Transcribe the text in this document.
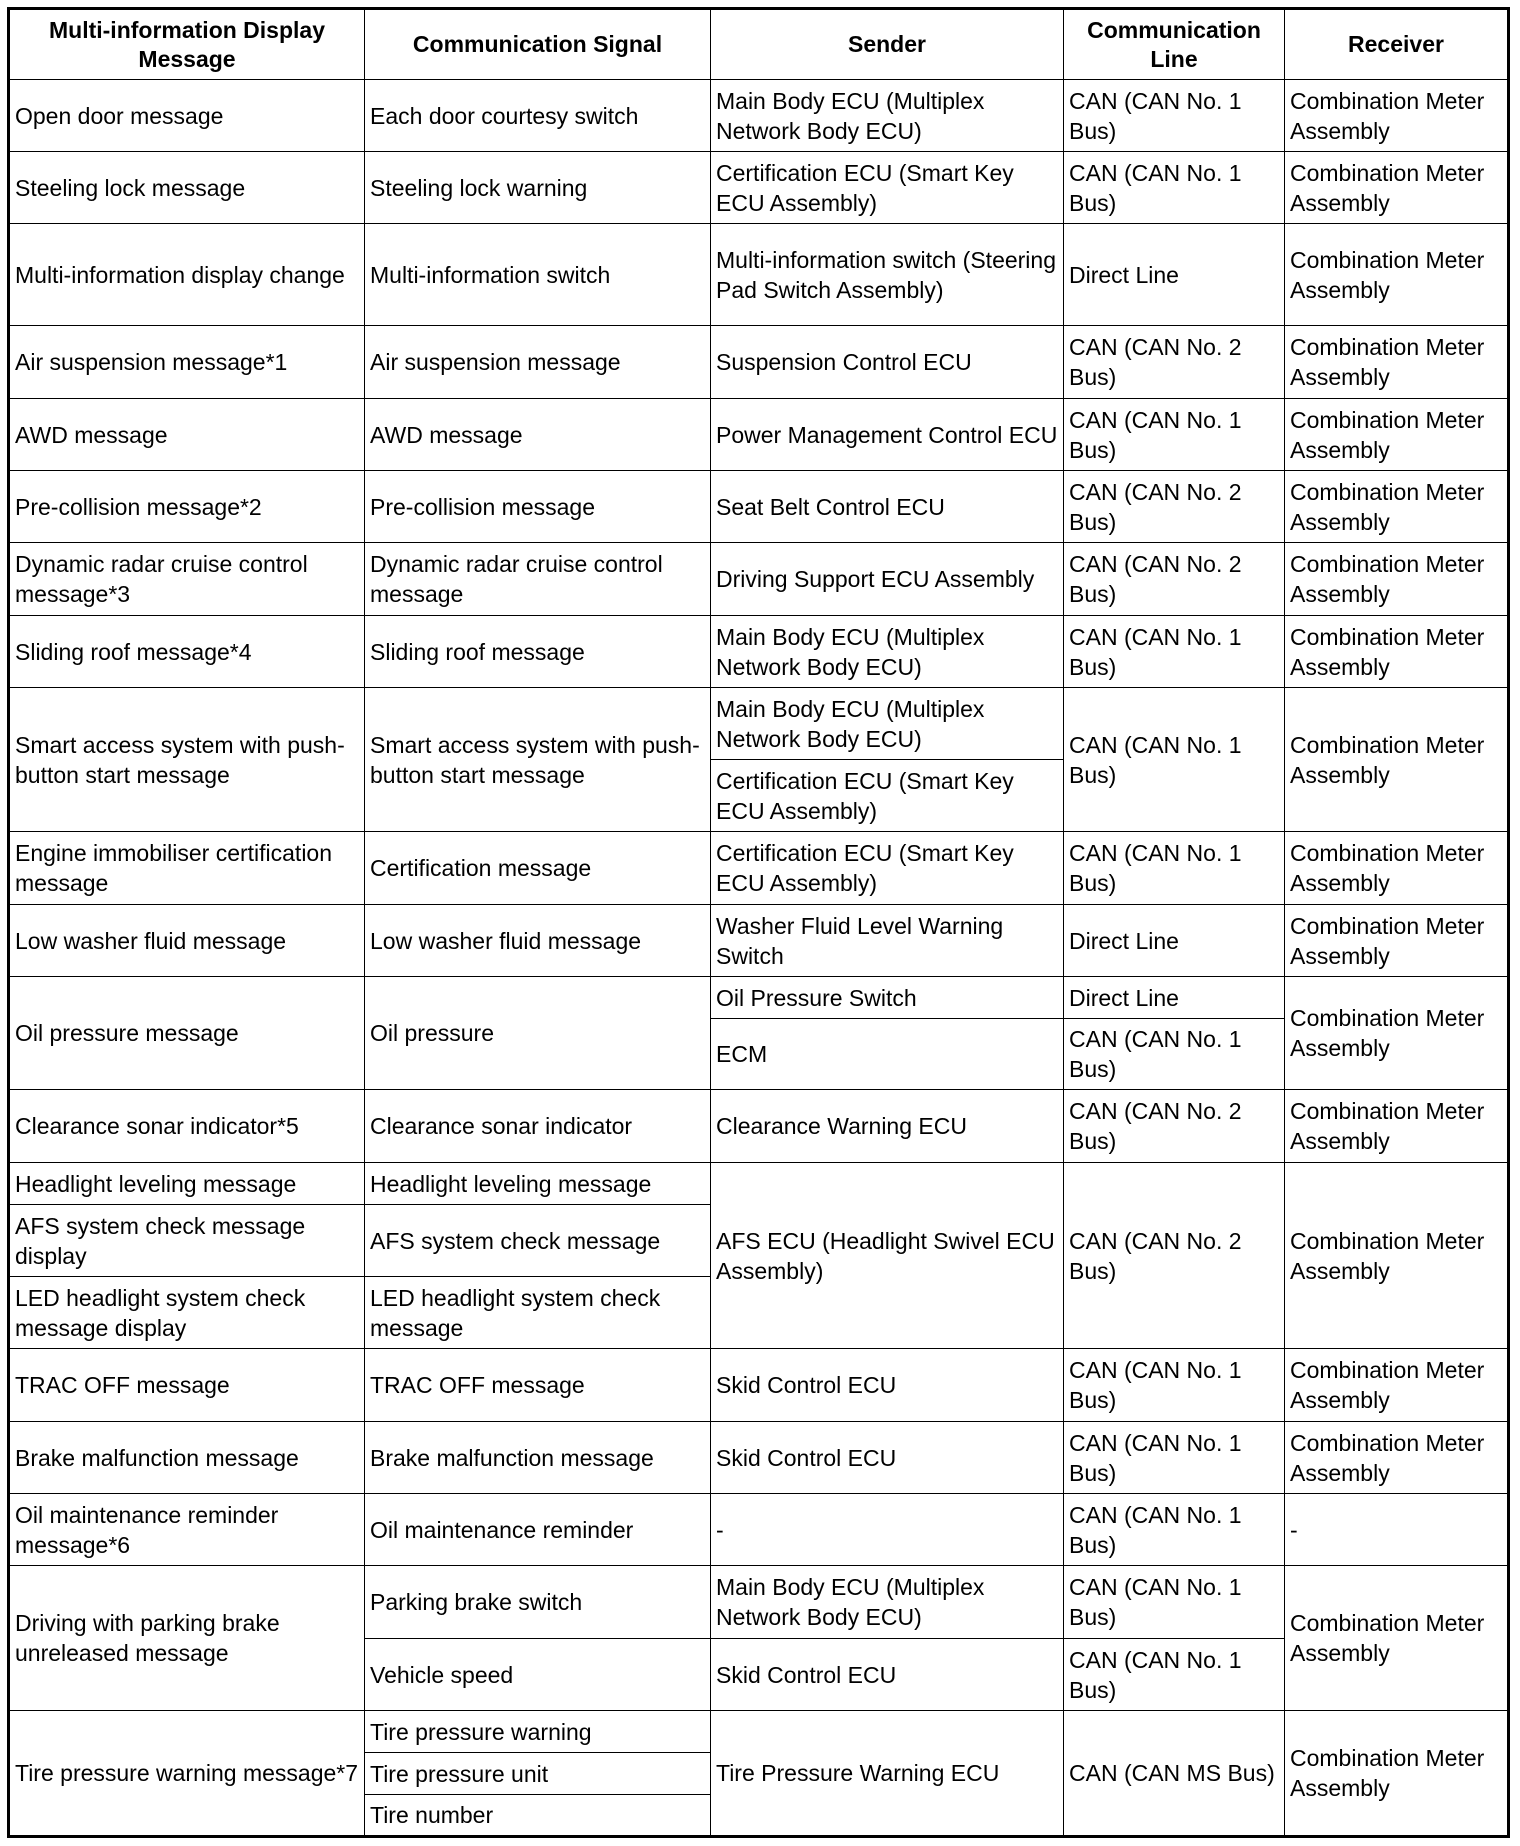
Multi-information Display Message	Communication Signal	Sender	Communication Line	Receiver
Open door message	Each door courtesy switch	Main Body ECU (Multiplex Network Body ECU)	CAN (CAN No. 1 Bus)	Combination Meter Assembly
Steeling lock message	Steeling lock warning	Certification ECU (Smart Key ECU Assembly)	CAN (CAN No. 1 Bus)	Combination Meter Assembly
Multi-information display change	Multi-information switch	Multi-information switch (Steering Pad Switch Assembly)	Direct Line	Combination Meter Assembly
Air suspension message*1	Air suspension message	Suspension Control ECU	CAN (CAN No. 2 Bus)	Combination Meter Assembly
AWD message	AWD message	Power Management Control ECU	CAN (CAN No. 1 Bus)	Combination Meter Assembly
Pre-collision message*2	Pre-collision message	Seat Belt Control ECU	CAN (CAN No. 2 Bus)	Combination Meter Assembly
Dynamic radar cruise control message*3	Dynamic radar cruise control message	Driving Support ECU Assembly	CAN (CAN No. 2 Bus)	Combination Meter Assembly
Sliding roof message*4	Sliding roof message	Main Body ECU (Multiplex Network Body ECU)	CAN (CAN No. 1 Bus)	Combination Meter Assembly
Smart access system with push-button start message	Smart access system with push-button start message	Main Body ECU (Multiplex Network Body ECU)	CAN (CAN No. 1 Bus)	Combination Meter Assembly
		Certification ECU (Smart Key ECU Assembly)		
Engine immobiliser certification message	Certification message	Certification ECU (Smart Key ECU Assembly)	CAN (CAN No. 1 Bus)	Combination Meter Assembly
Low washer fluid message	Low washer fluid message	Washer Fluid Level Warning Switch	Direct Line	Combination Meter Assembly
Oil pressure message	Oil pressure	Oil Pressure Switch	Direct Line	Combination Meter Assembly
		ECM	CAN (CAN No. 1 Bus)	
Clearance sonar indicator*5	Clearance sonar indicator	Clearance Warning ECU	CAN (CAN No. 2 Bus)	Combination Meter Assembly
Headlight leveling message	Headlight leveling message	AFS ECU (Headlight Swivel ECU Assembly)	CAN (CAN No. 2 Bus)	Combination Meter Assembly
AFS system check message display	AFS system check message			
LED headlight system check message display	LED headlight system check message			
TRAC OFF message	TRAC OFF message	Skid Control ECU	CAN (CAN No. 1 Bus)	Combination Meter Assembly
Brake malfunction message	Brake malfunction message	Skid Control ECU	CAN (CAN No. 1 Bus)	Combination Meter Assembly
Oil maintenance reminder message*6	Oil maintenance reminder	-	CAN (CAN No. 1 Bus)	-
Driving with parking brake unreleased message	Parking brake switch	Main Body ECU (Multiplex Network Body ECU)	CAN (CAN No. 1 Bus)	Combination Meter Assembly
	Vehicle speed	Skid Control ECU	CAN (CAN No. 1 Bus)	
Tire pressure warning message*7	Tire pressure warning	Tire Pressure Warning ECU	CAN (CAN MS Bus)	Combination Meter Assembly
	Tire pressure unit			
	Tire number			
